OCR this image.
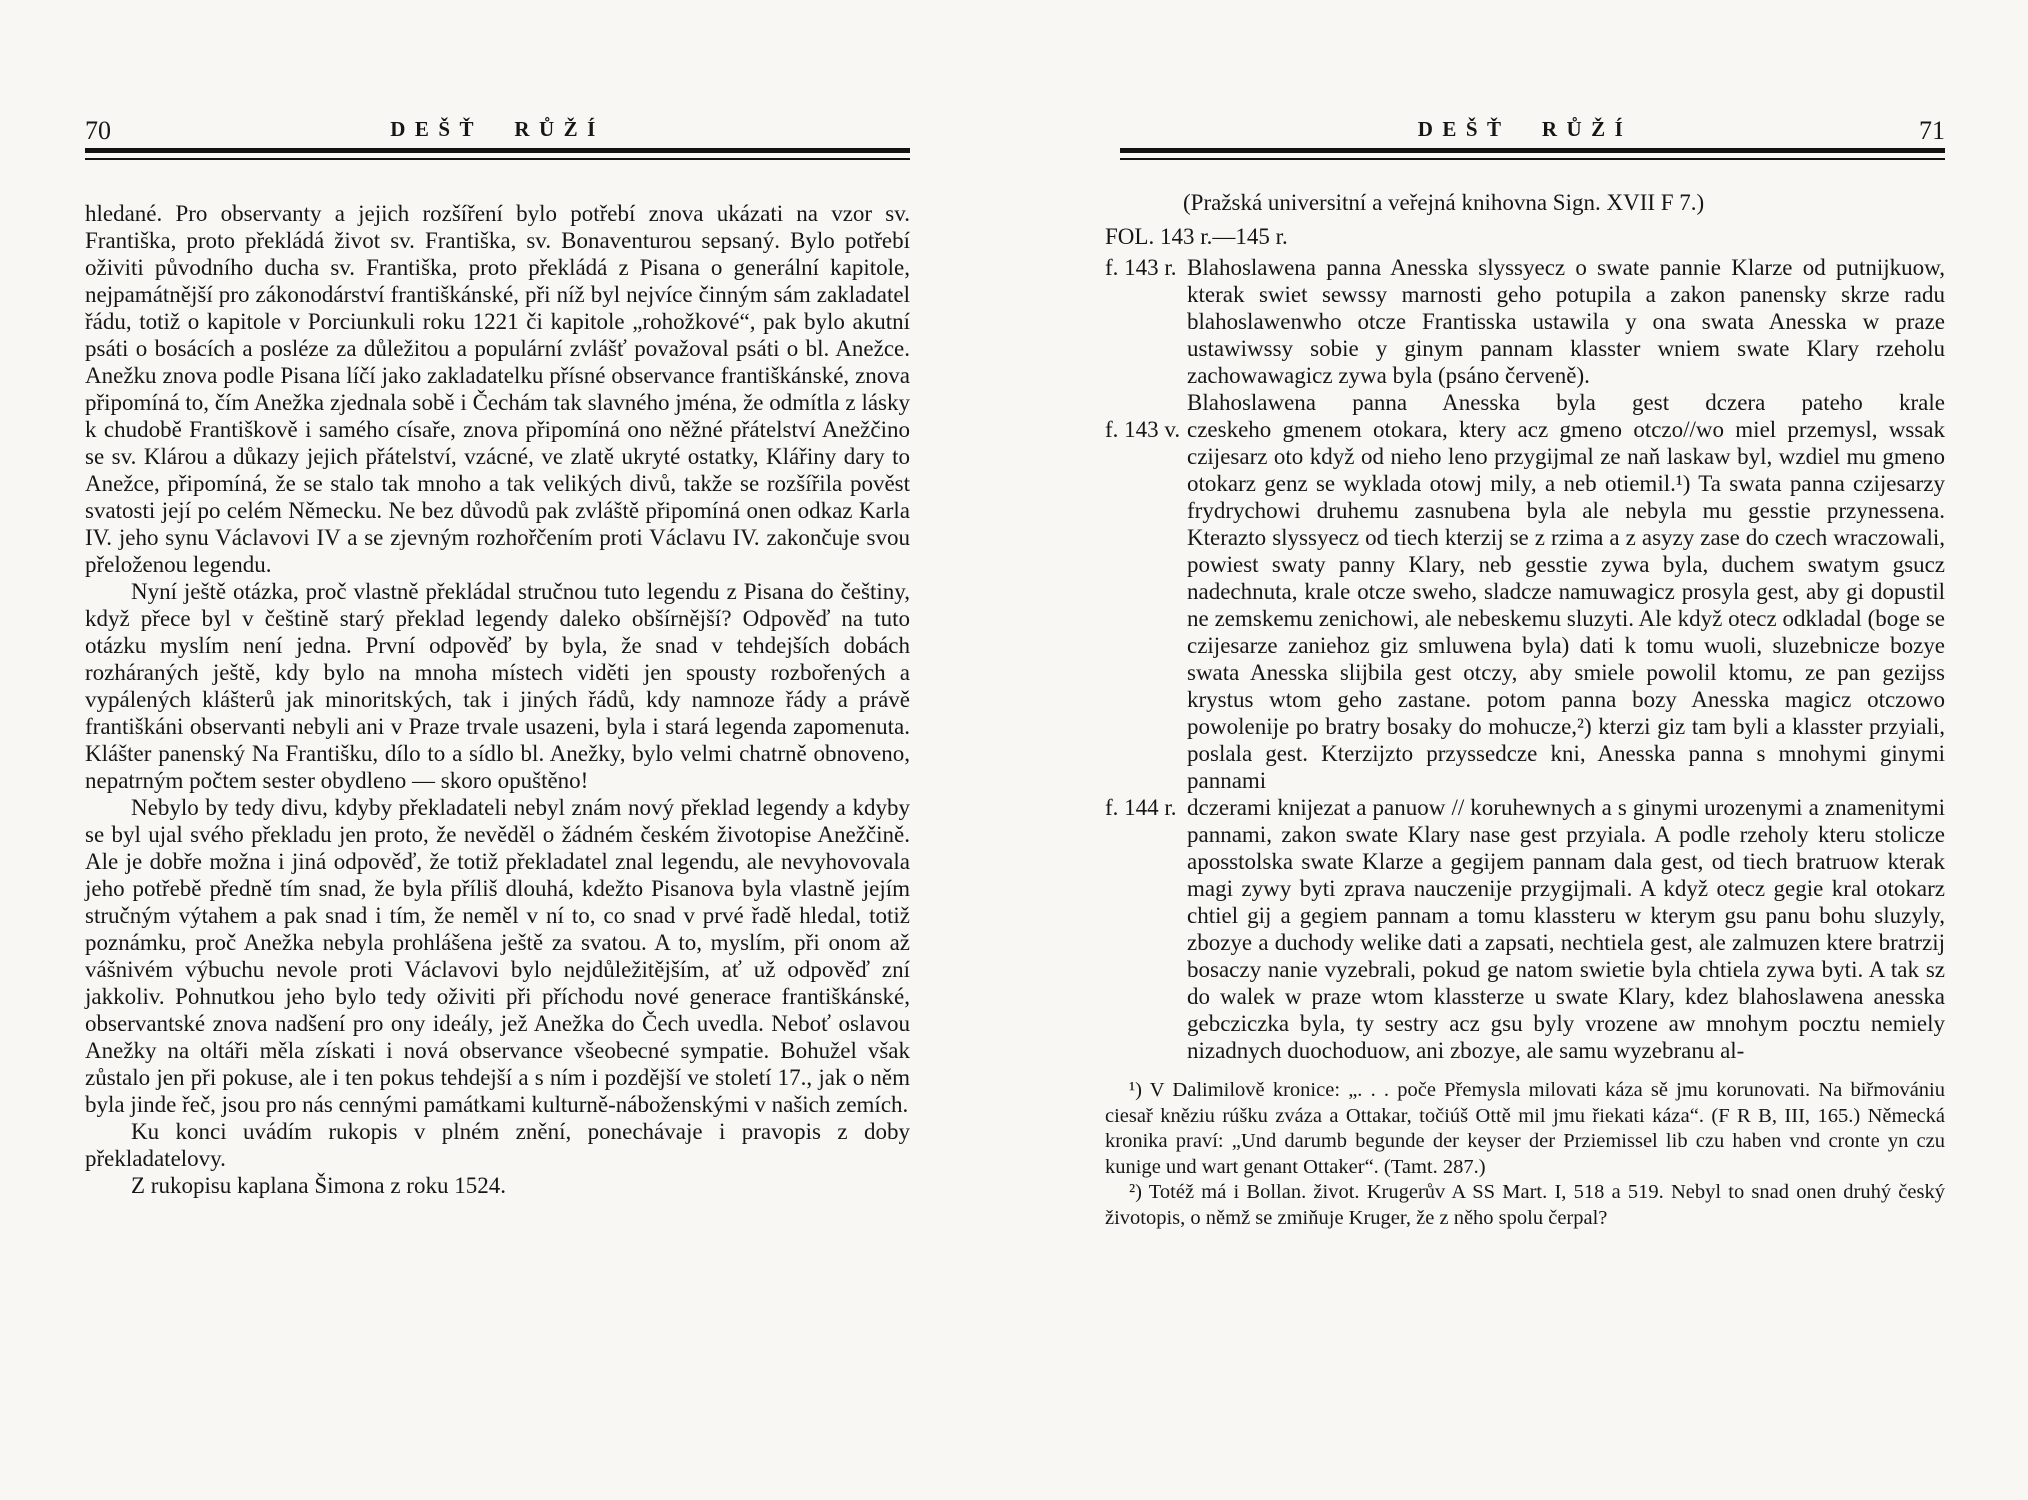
70	DEŠŤ RŮŽÍ

hledané. Pro observanty a jejich rozšíření bylo potřebí znova ukázati na vzor sv. Františka, proto překládá život sv. Františka, sv. Bonaventurou sepsaný. Bylo potřebí oživiti původního ducha sv. Františka, proto překládá z Pisana o generální kapitole, nejpamátnější pro zákonodárství františkánské, při níž byl nejvíce činným sám zakladatel řádu, totiž o kapitole v Porciunkuli roku 1221 či kapitole „rohožkové“, pak bylo akutní psáti o bosácích a posléze za důležitou a populární zvlášť považoval psáti o bl. Anežce. Anežku znova podle Pisana líčí jako zakladatelku přísné observance františkánské, znova připomíná to, čím Anežka zjednala sobě i Čechám tak slavného jména, že odmítla z lásky k chudobě Františkově i samého císaře, znova připomíná ono něžné přátelství Anežčino se sv. Klárou a důkazy jejich přátelství, vzácné, ve zlatě ukryté ostatky, Klářiny dary to Anežce, připomíná, že se stalo tak mnoho a tak velikých divů, takže se rozšířila pověst svatosti její po celém Německu. Ne bez důvodů pak zvláště připomíná onen odkaz Karla IV. jeho synu Václavovi IV a se zjevným rozhořčením proti Václavu IV. zakončuje svou přeloženou legendu.

Nyní ještě otázka, proč vlastně překládal stručnou tuto legendu z Pisana do češtiny, když přece byl v češtině starý překlad legendy daleko obšírnější? Odpověď na tuto otázku myslím není jedna. První odpověď by byla, že snad v tehdejších dobách rozháraných ještě, kdy bylo na mnoha místech viděti jen spousty rozbořených a vypálených klášterů jak minoritských, tak i jiných řádů, kdy namnoze řády a právě františkáni observanti nebyli ani v Praze trvale usazeni, byla i stará legenda zapomenuta. Klášter panenský Na Františku, dílo to a sídlo bl. Anežky, bylo velmi chatrně obnoveno, nepatrným počtem sester obydleno — skoro opuštěno!

Nebylo by tedy divu, kdyby překladateli nebyl znám nový překlad legendy a kdyby se byl ujal svého překladu jen proto, že nevěděl o žádném českém životopise Anežčině. Ale je dobře možna i jiná odpověď, že totiž překladatel znal legendu, ale nevyhovovala jeho potřebě předně tím snad, že byla příliš dlouhá, kdežto Pisanova byla vlastně jejím stručným výtahem a pak snad i tím, že neměl v ní to, co snad v prvé řadě hledal, totiž poznámku, proč Anežka nebyla prohlášena ještě za svatou. A to, myslím, při onom až vášnivém výbuchu nevole proti Václavovi bylo nejdůležitějším, ať už odpověď zní jakkoliv. Pohnutkou jeho bylo tedy oživiti při příchodu nové generace františkánské, observantské znova nadšení pro ony ideály, jež Anežka do Čech uvedla. Neboť oslavou Anežky na oltáři měla získati i nová observance všeobecné sympatie. Bohužel však zůstalo jen při pokuse, ale i ten pokus tehdejší a s ním i pozdější ve století 17., jak o něm byla jinde řeč, jsou pro nás cennými památkami kulturně-náboženskými v našich zemích.

Ku konci uvádím rukopis v plném znění, ponechávaje i pravopis z doby překladatelovy.

Z rukopisu kaplana Šimona z roku 1524.

DEŠŤ RŮŽÍ	71
(Pražská universitní a veřejná knihovna Sign. XVII F 7.)
FOL. 143 r.—145 r.
f. 143 r. Blahoslawena panna Anesska slyssyecz o swate pannie Klarze od putnijkuow, kterak swiet sewssy marnosti geho potupila a zakon panensky skrze radu blahoslawenwho otcze Frantisska ustawila y ona swata Anesska w praze ustawiwssy sobie y ginym pannam klasster wniem swate Klary rzeholu zachowawagicz zywa byla (psáno červeně).

Blahoslawena panna Anesska byla gest dczera pateho krale

f. 143 v. czeskeho gmenem otokara, ktery acz gmeno otczo//wo miel przemysl, wssak czijesarz oto když od nieho leno przygijmal ze naň laskaw byl, wzdiel mu gmeno otokarz genz se wyklada otowj mily, a neb otiemil.¹) Ta swata panna czijesarzy frydrychowi druhemu zasnubena byla ale nebyla mu gesstie przynessena. Kterazto slyssyecz od tiech kterzij se z rzima a z asyzy zase do czech wraczowali, powiest swaty panny Klary, neb gesstie zywa byla, duchem swatym gsucz nadechnuta, krale otcze sweho, sladcze namuwagicz prosyla gest, aby gi dopustil ne zemskemu zenichowi, ale nebeskemu sluzyti. Ale když otecz odkladal (boge se czijesarze zaniehoz giz smluwena byla) dati k tomu wuoli, sluzebnicze bozye swata Anesska slijbila gest otczy, aby smiele powolil ktomu, ze pan gezijss krystus wtom geho zastane. potom panna bozy Anesska magicz otczowo powolenije po bratry bosaky do mohucze,²) kterzi giz tam byli a klasster przyiali, poslala gest. Kterzijzto przyssedcze kni, Anesska panna s mnohymi ginymi pannami

f. 144 r. dczerami knijezat a panuow // koruhewnych a s ginymi urozenymi a znamenitymi pannami, zakon swate Klary nase gest przyiala. A podle rzeholy kteru stolicze aposstolska swate Klarze a gegijem pannam dala gest, od tiech bratruow kterak magi zywy byti zprava nauczenije przygijmali. A když otecz gegie kral otokarz chtiel gij a gegiem pannam a tomu klassteru w kterym gsu panu bohu sluzyly, zbozye a duchody welike dati a zapsati, nechtiela gest, ale zalmuzen ktere bratrzij bosaczy nanie vyzebrali, pokud ge natom swietie byla chtiela zywa byti. A tak sz do walek w praze wtom klassterze u swate Klary, kdez blahoslawena anesska gebcziczka byla, ty sestry acz gsu byly vrozene aw mnohym pocztu nemiely nizadnych duochoduow, ani zbozye, ale samu wyzebranu al-

¹) V Dalimilově kronice: „. . . poče Přemysla milovati káza sě jmu korunovati. Na biřmovániu ciesař kněziu rúšku zváza a Ottakar, točiúš Ottě mil jmu řiekati káza“. (F R B, III, 165.) Německá kronika praví: „Und darumb begunde der keyser der Prziemissel lib czu haben vnd cronte yn czu kunige und wart genant Ottaker“. (Tamt. 287.)

²) Totéž má i Bollan. život. Krugerův A SS Mart. I, 518 a 519. Nebyl to snad onen druhý český životopis, o němž se zmiňuje Kruger, že z něho spolu čerpal?
